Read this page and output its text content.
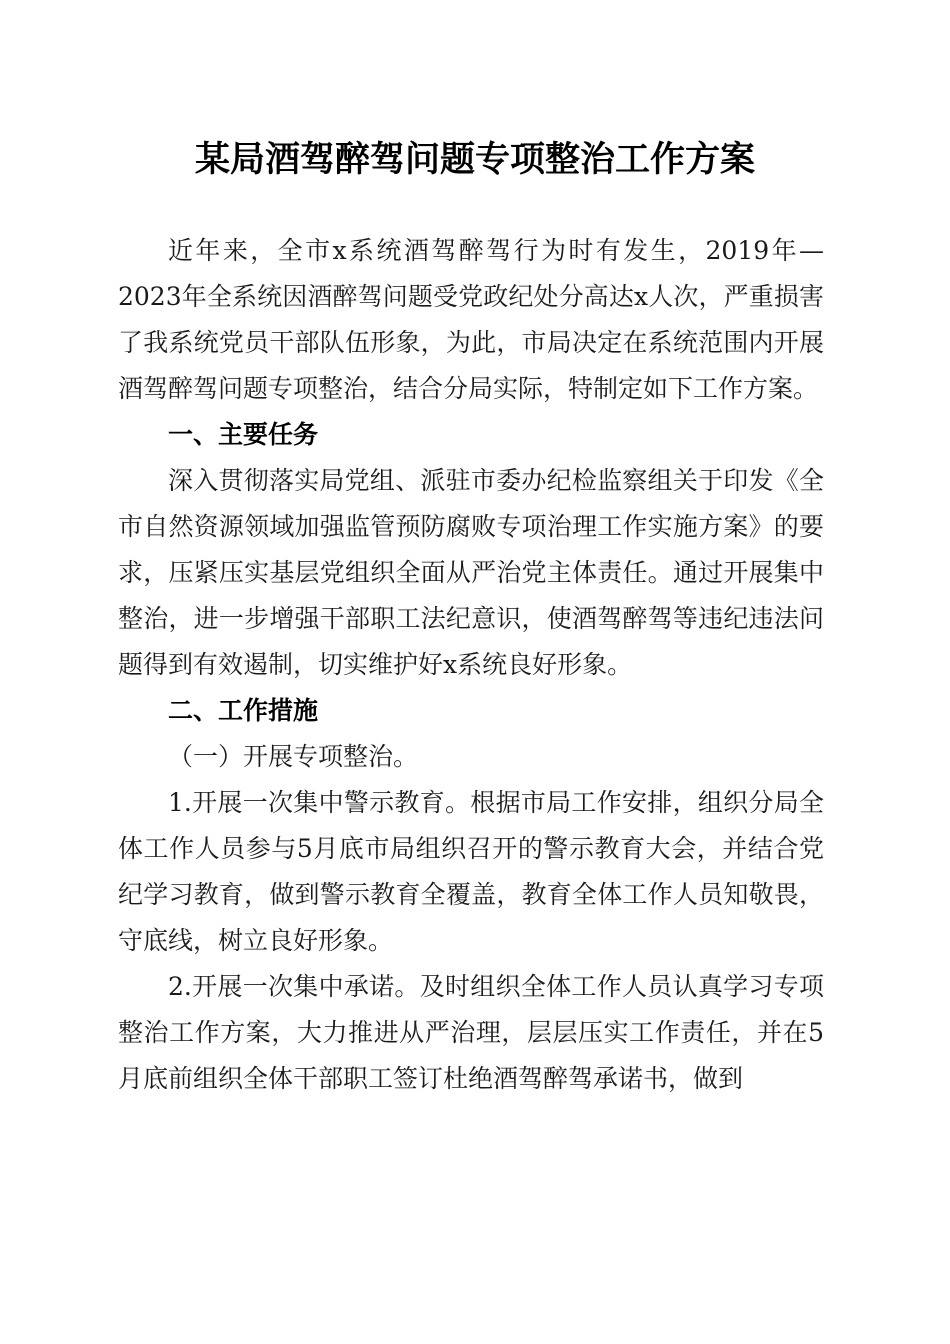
某局酒驾醉驾问题专项整治工作方案

近年来，全市x系统酒驾醉驾行为时有发生，2019年—2023年全系统因酒醉驾问题受党政纪处分高达x人次，严重损害了我系统党员干部队伍形象，为此，市局决定在系统范围内开展酒驾醉驾问题专项整治，结合分局实际，特制定如下工作方案。

一、主要任务

深入贯彻落实局党组、派驻市委办纪检监察组关于印发《全市自然资源领域加强监管预防腐败专项治理工作实施方案》的要求，压紧压实基层党组织全面从严治党主体责任。通过开展集中整治，进一步增强干部职工法纪意识，使酒驾醉驾等违纪违法问题得到有效遏制，切实维护好x系统良好形象。

二、工作措施

（一）开展专项整治。

1.开展一次集中警示教育。根据市局工作安排，组织分局全体工作人员参与5月底市局组织召开的警示教育大会，并结合党纪学习教育，做到警示教育全覆盖，教育全体工作人员知敬畏，守底线，树立良好形象。

2.开展一次集中承诺。及时组织全体工作人员认真学习专项整治工作方案，大力推进从严治理，层层压实工作责任，并在5月底前组织全体干部职工签订杜绝酒驾醉驾承诺书，做到
